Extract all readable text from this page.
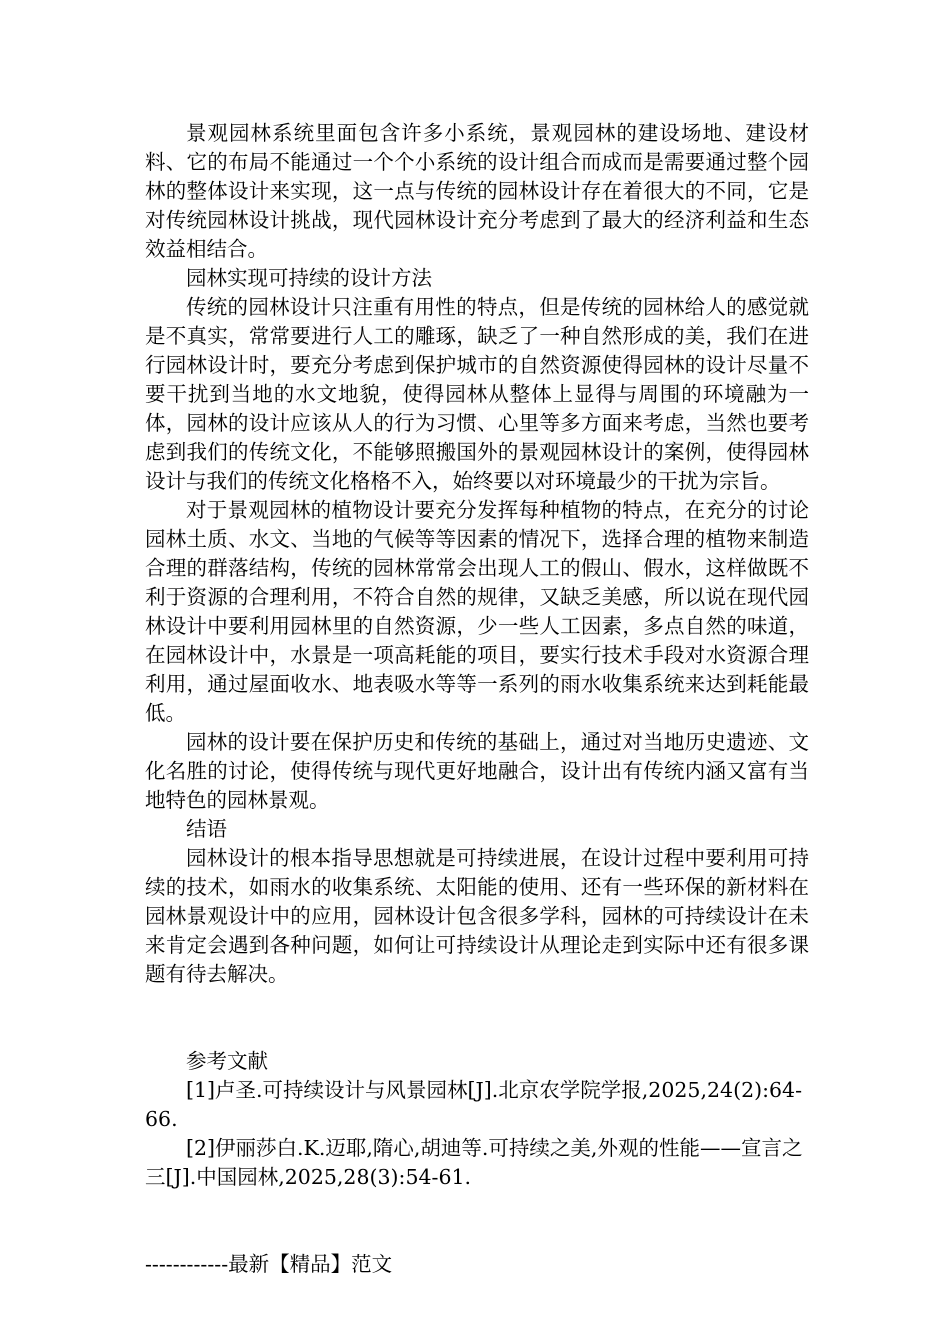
景观园林系统里面包含许多小系统，景观园林的建设场地、建设材料、它的布局不能通过一个个小系统的设计组合而成而是需要通过整个园林的整体设计来实现，这一点与传统的园林设计存在着很大的不同，它是对传统园林设计挑战，现代园林设计充分考虑到了最大的经济利益和生态效益相结合。

园林实现可持续的设计方法

传统的园林设计只注重有用性的特点，但是传统的园林给人的感觉就是不真实，常常要进行人工的雕琢，缺乏了一种自然形成的美，我们在进行园林设计时，要充分考虑到保护城市的自然资源使得园林的设计尽量不要干扰到当地的水文地貌，使得园林从整体上显得与周围的环境融为一体，园林的设计应该从人的行为习惯、心里等多方面来考虑，当然也要考虑到我们的传统文化，不能够照搬国外的景观园林设计的案例，使得园林设计与我们的传统文化格格不入，始终要以对环境最少的干扰为宗旨。

对于景观园林的植物设计要充分发挥每种植物的特点，在充分的讨论园林土质、水文、当地的气候等等因素的情况下，选择合理的植物来制造合理的群落结构，传统的园林常常会出现人工的假山、假水，这样做既不利于资源的合理利用，不符合自然的规律，又缺乏美感，所以说在现代园林设计中要利用园林里的自然资源，少一些人工因素，多点自然的味道，在园林设计中，水景是一项高耗能的项目，要实行技术手段对水资源合理利用，通过屋面收水、地表吸水等等一系列的雨水收集系统来达到耗能最低。

园林的设计要在保护历史和传统的基础上，通过对当地历史遗迹、文化名胜的讨论，使得传统与现代更好地融合，设计出有传统内涵又富有当地特色的园林景观。

结语

园林设计的根本指导思想就是可持续进展，在设计过程中要利用可持续的技术，如雨水的收集系统、太阳能的使用、还有一些环保的新材料在园林景观设计中的应用，园林设计包含很多学科，园林的可持续设计在未来肯定会遇到各种问题，如何让可持续设计从理论走到实际中还有很多课题有待去解决。

参考文献

[1]卢圣.可持续设计与风景园林[J].北京农学院学报,2025,24(2):64-66.

[2]伊丽莎白.K.迈耶,隋心,胡迪等.可持续之美,外观的性能——宣言之三[J].中国园林,2025,28(3):54-61.

------------最新【精品】范文
